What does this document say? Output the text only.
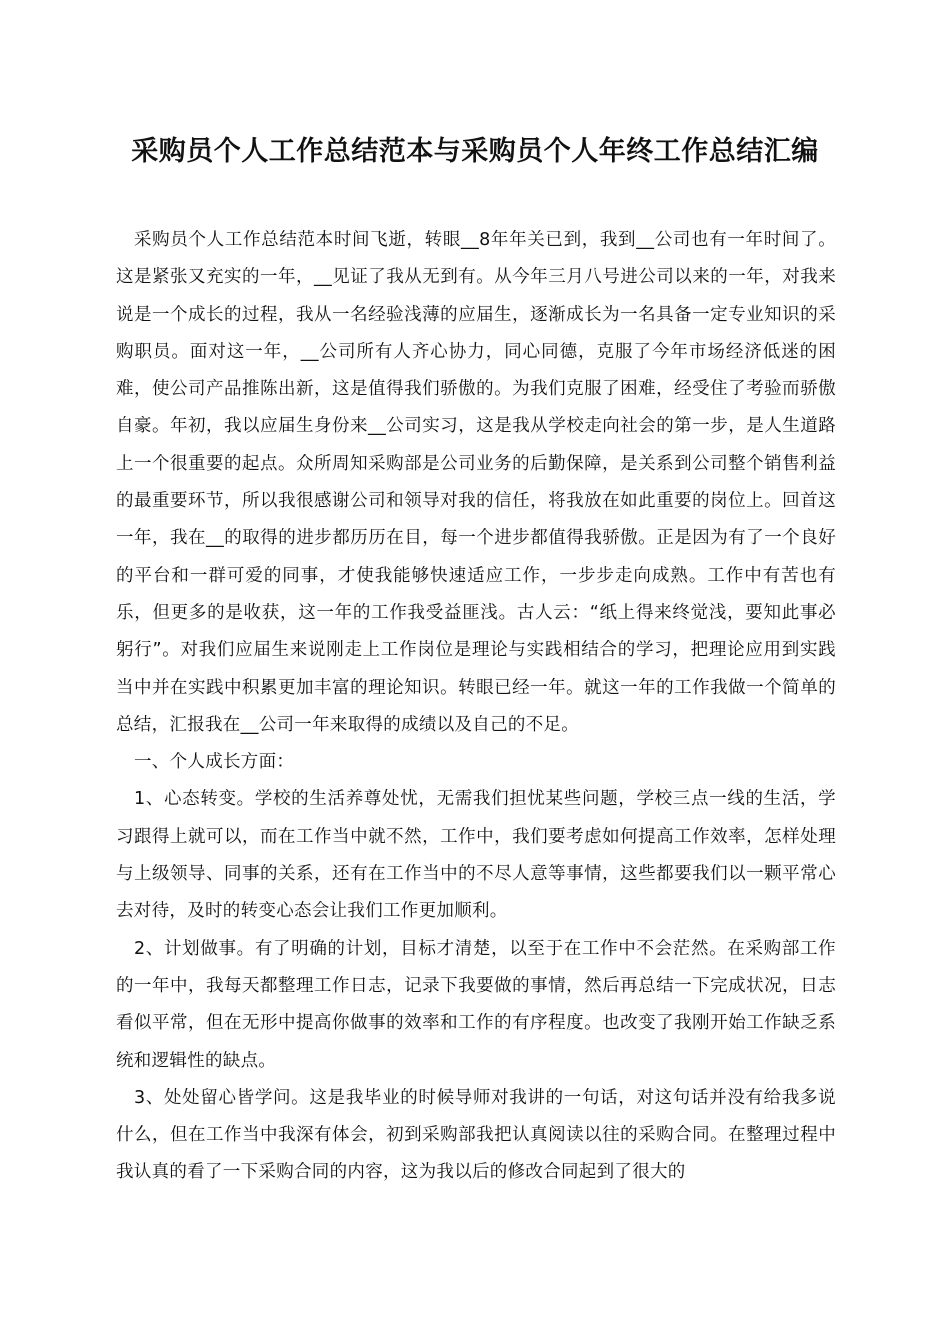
采购员个人工作总结范本与采购员个人年终工作总结汇编

采购员个人工作总结范本时间飞逝，转眼__8年年关已到，我到__公司也有一年时间了。这是紧张又充实的一年，__见证了我从无到有。从今年三月八号进公司以来的一年，对我来说是一个成长的过程，我从一名经验浅薄的应届生，逐渐成长为一名具备一定专业知识的采购职员。面对这一年，__公司所有人齐心协力，同心同德，克服了今年市场经济低迷的困难，使公司产品推陈出新，这是值得我们骄傲的。为我们克服了困难，经受住了考验而骄傲自豪。年初，我以应届生身份来__公司实习，这是我从学校走向社会的第一步，是人生道路上一个很重要的起点。众所周知采购部是公司业务的后勤保障，是关系到公司整个销售利益的最重要环节，所以我很感谢公司和领导对我的信任，将我放在如此重要的岗位上。回首这一年，我在__的取得的进步都历历在目，每一个进步都值得我骄傲。正是因为有了一个良好的平台和一群可爱的同事，才使我能够快速适应工作，一步步走向成熟。工作中有苦也有乐，但更多的是收获，这一年的工作我受益匪浅。古人云：“纸上得来终觉浅，要知此事必躬行”。对我们应届生来说刚走上工作岗位是理论与实践相结合的学习，把理论应用到实践当中并在实践中积累更加丰富的理论知识。转眼已经一年。就这一年的工作我做一个简单的总结，汇报我在__公司一年来取得的成绩以及自己的不足。

一、个人成长方面：

1、心态转变。学校的生活养尊处忧，无需我们担忧某些问题，学校三点一线的生活，学习跟得上就可以，而在工作当中就不然，工作中，我们要考虑如何提高工作效率，怎样处理与上级领导、同事的关系，还有在工作当中的不尽人意等事情，这些都要我们以一颗平常心去对待，及时的转变心态会让我们工作更加顺利。

2、计划做事。有了明确的计划，目标才清楚，以至于在工作中不会茫然。在采购部工作的一年中，我每天都整理工作日志，记录下我要做的事情，然后再总结一下完成状况，日志看似平常，但在无形中提高你做事的效率和工作的有序程度。也改变了我刚开始工作缺乏系统和逻辑性的缺点。

3、处处留心皆学问。这是我毕业的时候导师对我讲的一句话，对这句话并没有给我多说什么，但在工作当中我深有体会，初到采购部我把认真阅读以往的采购合同。在整理过程中我认真的看了一下采购合同的内容，这为我以后的修改合同起到了很大的
